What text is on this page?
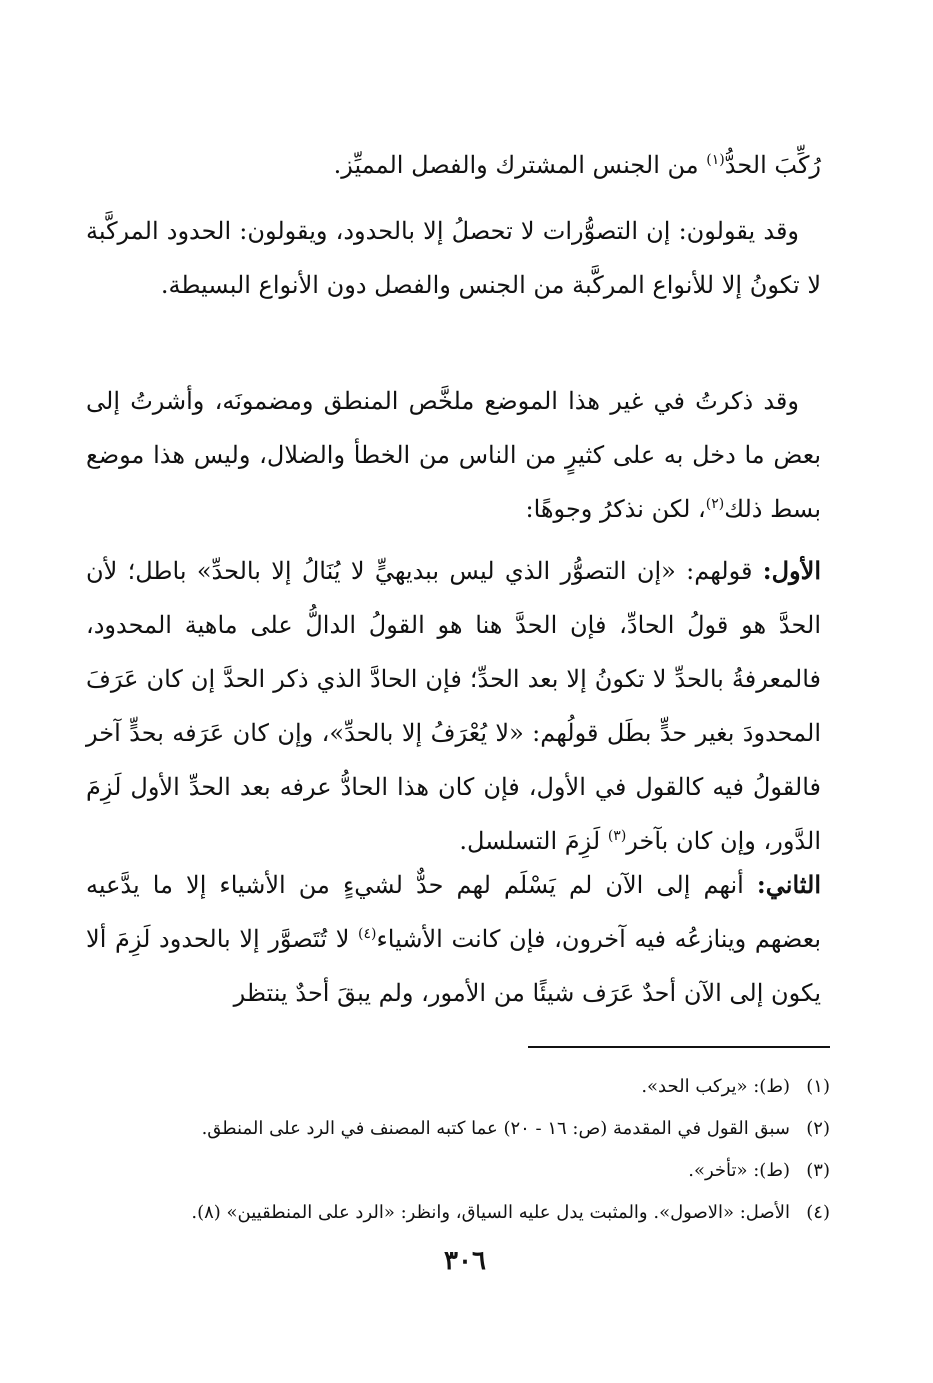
رُكِّبَ الحدُّ$^{(١)}$ من الجنس المشترك والفصل المميِّز.

وقد يقولون: إن التصوُّرات لا تحصلُ إلا بالحدود، ويقولون: الحدود المركَّبة لا تكونُ إلا للأنواع المركَّبة من الجنس والفصل دون الأنواع البسيطة.

وقد ذكرتُ في غير هذا الموضع ملخَّص المنطق ومضمونَه، وأشرتُ إلى بعض ما دخل به على كثيرٍ من الناس من الخطأ والضلال، وليس هذا موضع بسط ذلك$^{(٢)}$، لكن نذكرُ وجوهًا:

الأول: قولهم: «إن التصوُّر الذي ليس ببديهيٍّ لا يُنَالُ إلا بالحدِّ» باطل؛ لأن الحدَّ هو قولُ الحادِّ، فإن الحدَّ هنا هو القولُ الدالُّ على ماهية المحدود، فالمعرفةُ بالحدِّ لا تكونُ إلا بعد الحدِّ؛ فإن الحادَّ الذي ذكر الحدَّ إن كان عَرَفَ المحدودَ بغير حدٍّ بطَل قولُهم: «لا يُعْرَفُ إلا بالحدِّ»، وإن كان عَرَفه بحدٍّ آخر فالقولُ فيه كالقول في الأول، فإن كان هذا الحادُّ عرفه بعد الحدِّ الأول لَزِمَ الدَّور، وإن كان بآخر$^{(٣)}$ لَزِمَ التسلسل.

الثاني: أنهم إلى الآن لم يَسْلَم لهم حدٌّ لشيءٍ من الأشياء إلا ما يدَّعيه بعضهم وينازعُه فيه آخرون، فإن كانت الأشياء$^{(٤)}$ لا تُتَصوَّر إلا بالحدود لَزِمَ ألا يكون إلى الآن أحدٌ عَرَف شيئًا من الأمور، ولم يبقَ أحدٌ ينتظر

(١)(ط): «يركب الحد».

(٢)سبق القول في المقدمة (ص: ١٦ - ٢٠) عما كتبه المصنف في الرد على المنطق.

(٣)(ط): «تأخر».

(٤)الأصل: «الاصول». والمثبت يدل عليه السياق، وانظر: «الرد على المنطقيين» (٨).

٣٠٦
